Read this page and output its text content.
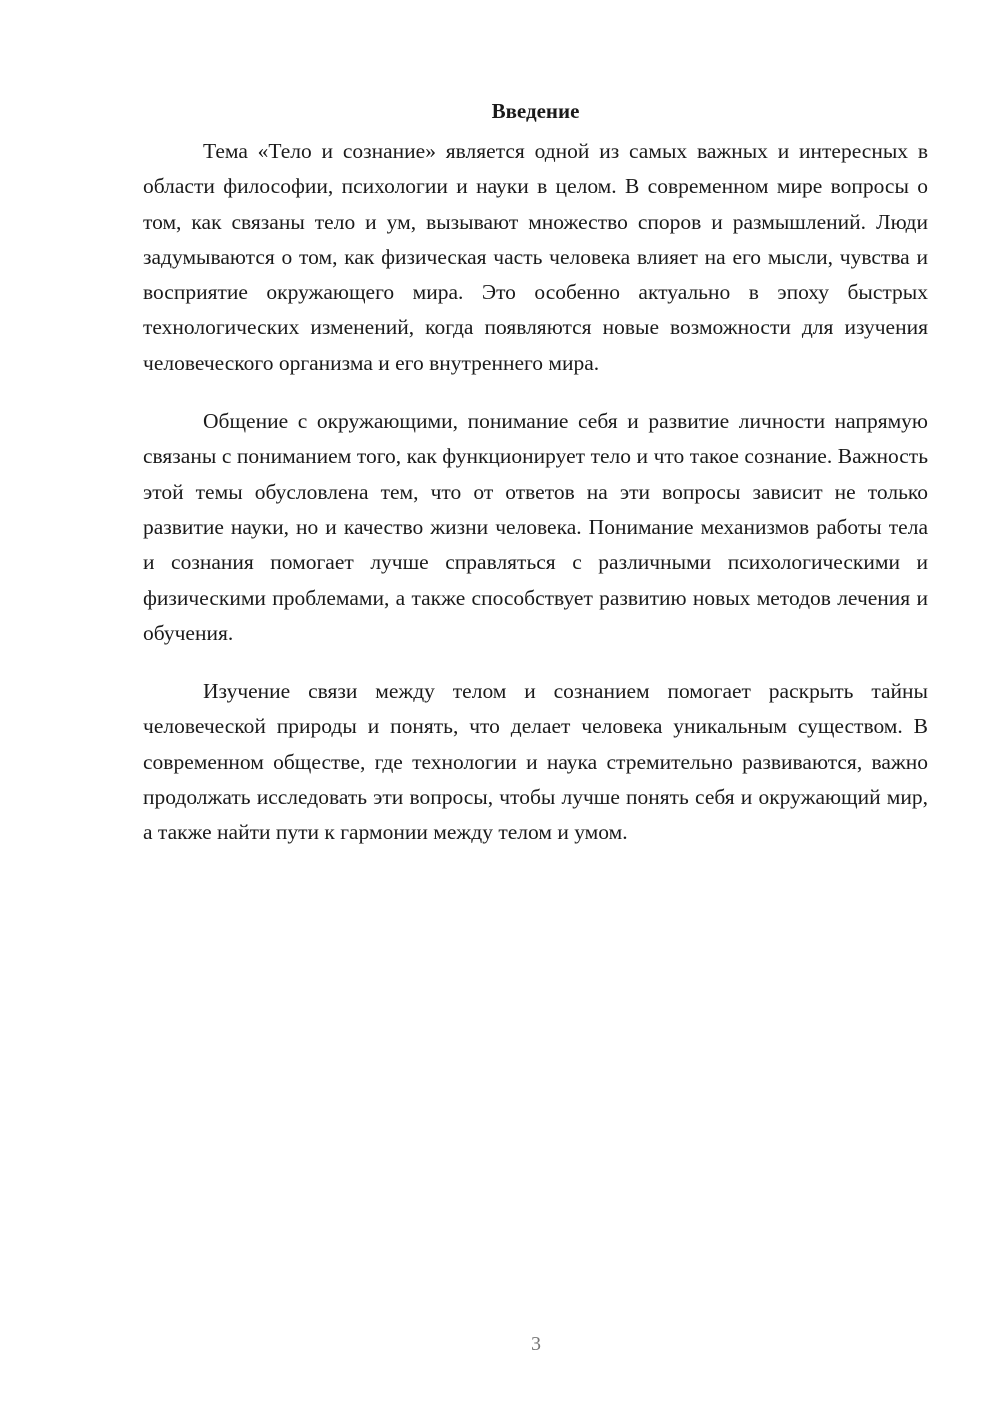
Введение

Тема «Тело и сознание» является одной из самых важных и интересных в области философии, психологии и науки в целом. В современном мире вопросы о том, как связаны тело и ум, вызывают множество споров и размышлений. Люди задумываются о том, как физическая часть человека влияет на его мысли, чувства и восприятие окружающего мира. Это особенно актуально в эпоху быстрых технологических изменений, когда появляются новые возможности для изучения человеческого организма и его внутреннего мира.

Общение с окружающими, понимание себя и развитие личности напрямую связаны с пониманием того, как функционирует тело и что такое сознание. Важность этой темы обусловлена тем, что от ответов на эти вопросы зависит не только развитие науки, но и качество жизни человека. Понимание механизмов работы тела и сознания помогает лучше справляться с различными психологическими и физическими проблемами, а также способствует развитию новых методов лечения и обучения.

Изучение связи между телом и сознанием помогает раскрыть тайны человеческой природы и понять, что делает человека уникальным существом. В современном обществе, где технологии и наука стремительно развиваются, важно продолжать исследовать эти вопросы, чтобы лучше понять себя и окружающий мир, а также найти пути к гармонии между телом и умом.

3
